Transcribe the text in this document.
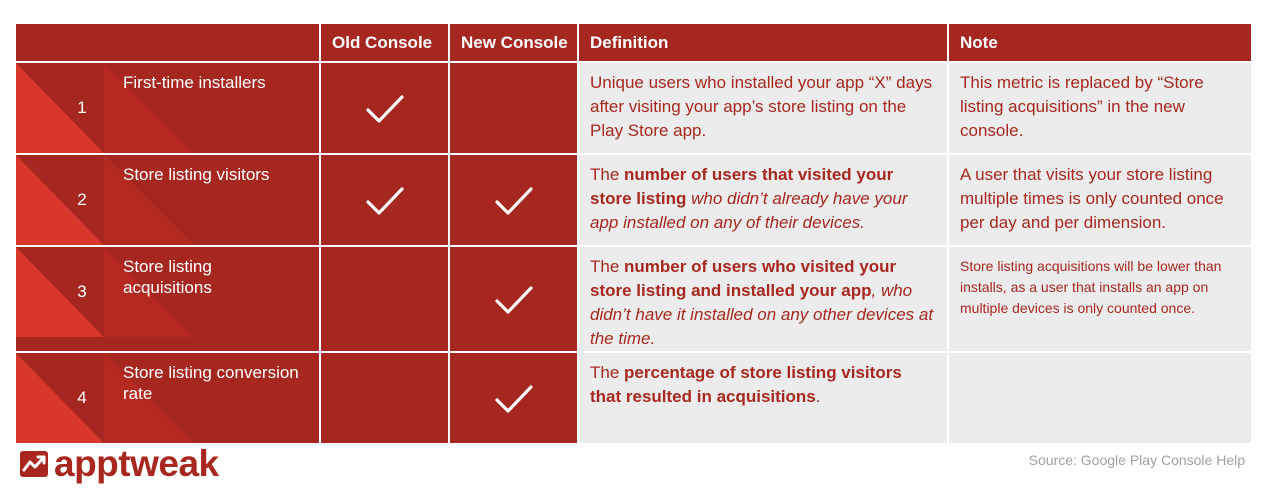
	Old Console	New Console	Definition	Note

1
First-time installers			Unique users who installed your app “X” days after visiting your app’s store listing on the Play Store app.	This metric is replaced by “Store listing acquisitions” in the new console.

2
Store listing visitors			The number of users that visited your store listing who didn’t already have your app installed on any of their devices.	A user that visits your store listing multiple times is only counted once per day and per dimension.

3
Store listing acquisitions			The number of users who visited your store listing and installed your app, who didn’t have it installed on any other devices at the time.	Store listing acquisitions will be lower than installs, as a user that installs an app on multiple devices is only counted once.

4
Store listing conversion rate			The percentage of store listing visitors that resulted in acquisitions.	
apptweak	Source: Google Play Console Help
